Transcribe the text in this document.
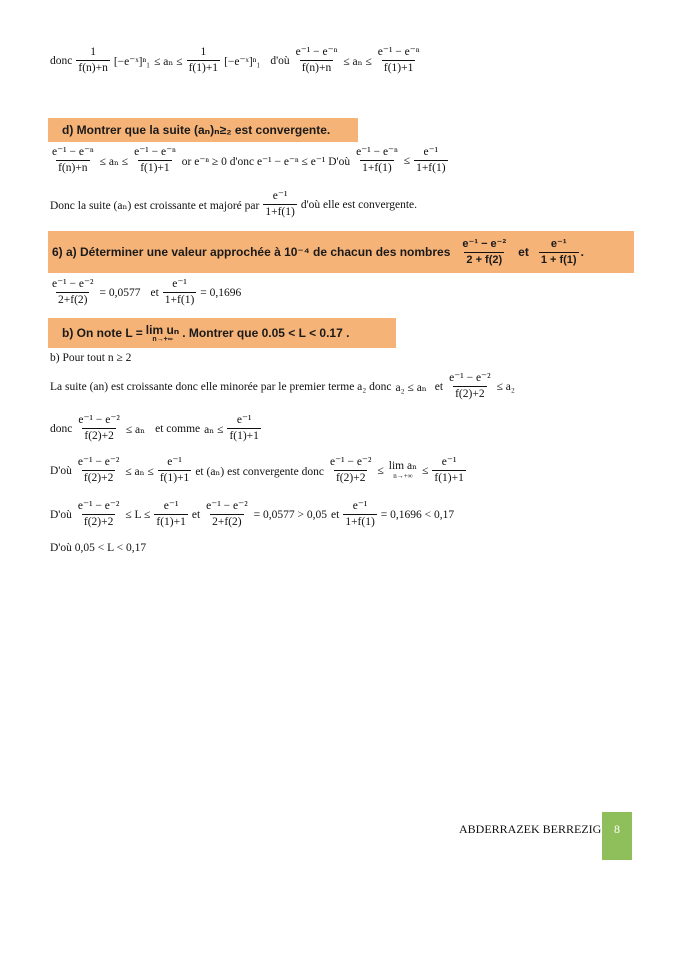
donc $\frac{1}{f(n)+n}$ [−e⁻ˣ]ⁿ₁ ≤ $a_n \le \frac{1}{f(1)+1}$ [−e⁻ˣ]ⁿ₁ d'où $\frac{\text{e⁻¹ − e⁻ⁿ}}{f(n)+n} \le a_n \le \frac{\text{e⁻¹ − e⁻ⁿ}}{f(1)+1}$
d) Montrer que la suite (aₙ)ₙ≥₂ est convergente.
$\frac{\text{e⁻¹ − e⁻ⁿ}}{f(n)+n} \le a_n \le \frac{\text{e⁻¹ − e⁻ⁿ}}{f(1)+1}$ or e⁻ⁿ ≥ 0 d'onc e⁻¹ − e⁻ⁿ ≤ e⁻¹ D'où $\frac{\text{e⁻¹ − e⁻ⁿ}}{1+f(1)} \le \frac{\text{e⁻¹}}{1+f(1)}$
Donc la suite (aₙ) est croissante et majoré par $\frac{\text{e⁻¹}}{1+f(1)}$ d'où elle est convergente.
6) a) Déterminer une valeur approchée à 10⁻⁴ de chacun des nombres $\frac{\text{e⁻¹ − e⁻²}}{2 + f(2)}$ et $\frac{\text{e⁻¹}}{1 + f(1)}$ .
$\frac{\text{e⁻¹ − e⁻²}}{2+f(2)} = 0,0577$ et $\frac{\text{e⁻¹}}{1+f(1)} = 0,1696$
b) On note L = lim uₙ
n→+∞ . Montrer que 0.05 < L < 0.17 .
b) Pour tout n ≥ 2
La suite (an) est croissante donc elle minorée par le premier terme a₂ donc a₂ ≤ aₙ et $\frac{\text{e⁻¹ − e⁻²}}{f(2)+2} \le a_2$
donc $\frac{\text{e⁻¹ − e⁻²}}{f(2)+2} \le a_n$ et comme $a_n \le \frac{\text{e⁻¹}}{f(1)+1}$
D'où $\frac{\text{e⁻¹ − e⁻²}}{f(2)+2} \le a_n \le \frac{\text{e⁻¹}}{f(1)+1}$ et (aₙ) est convergente donc $\frac{\text{e⁻¹ − e⁻²}}{f(2)+2} \le \lim a_n$
$n\to+\infty \le \frac{\text{e⁻¹}}{f(1)+1}$
D'où $\frac{\text{e⁻¹ − e⁻²}}{f(2)+2} \le L \le \frac{\text{e⁻¹}}{f(1)+1}$ et $\frac{\text{e⁻¹ − e⁻²}}{2+f(2)} = 0,0577 > 0,05$ et $\frac{\text{e⁻¹}}{1+f(1)} = 0,1696 < 0,17$
D'où 0,05 < L < 0,17
ABDERRAZEK BERREZIG	8
